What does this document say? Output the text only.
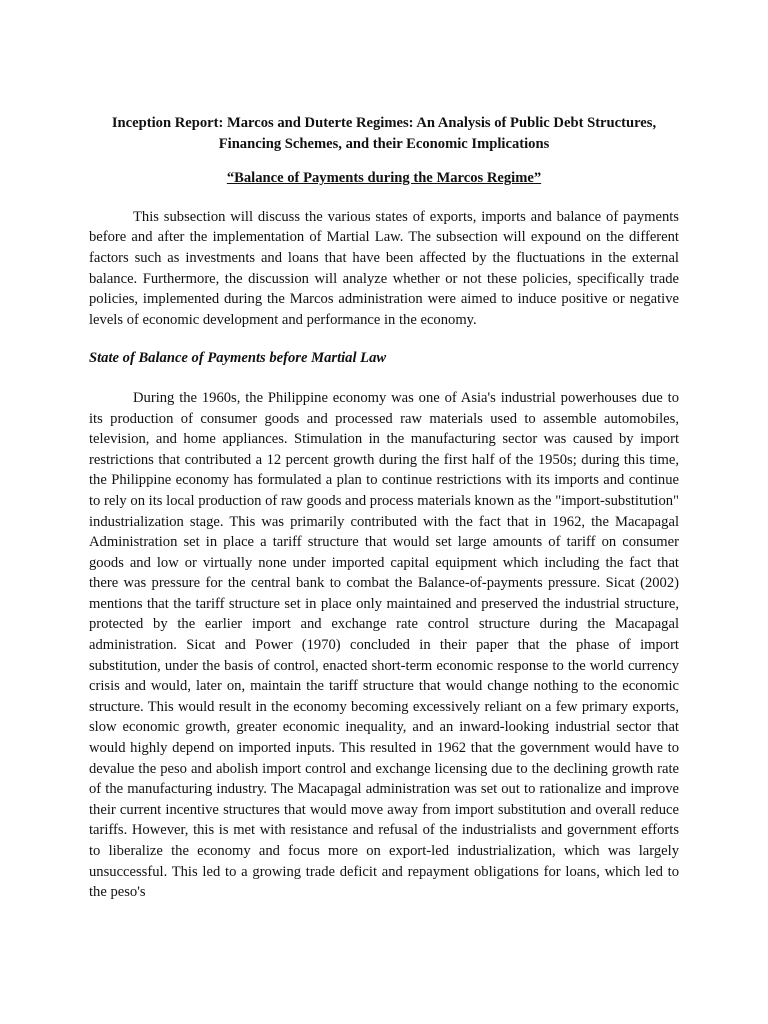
Inception Report: Marcos and Duterte Regimes: An Analysis of Public Debt Structures, Financing Schemes, and their Economic Implications

“Balance of Payments during the Marcos Regime”

This subsection will discuss the various states of exports, imports and balance of payments before and after the implementation of Martial Law. The subsection will expound on the different factors such as investments and loans that have been affected by the fluctuations in the external balance. Furthermore, the discussion will analyze whether or not these policies, specifically trade policies, implemented during the Marcos administration were aimed to induce positive or negative levels of economic development and performance in the economy.

State of Balance of Payments before Martial Law

During the 1960s, the Philippine economy was one of Asia's industrial powerhouses due to its production of consumer goods and processed raw materials used to assemble automobiles, television, and home appliances. Stimulation in the manufacturing sector was caused by import restrictions that contributed a 12 percent growth during the first half of the 1950s; during this time, the Philippine economy has formulated a plan to continue restrictions with its imports and continue to rely on its local production of raw goods and process materials known as the "import-substitution" industrialization stage. This was primarily contributed with the fact that in 1962, the Macapagal Administration set in place a tariff structure that would set large amounts of tariff on consumer goods and low or virtually none under imported capital equipment which including the fact that there was pressure for the central bank to combat the Balance-of-payments pressure. Sicat (2002) mentions that the tariff structure set in place only maintained and preserved the industrial structure, protected by the earlier import and exchange rate control structure during the Macapagal administration. Sicat and Power (1970) concluded in their paper that the phase of import substitution, under the basis of control, enacted short-term economic response to the world currency crisis and would, later on, maintain the tariff structure that would change nothing to the economic structure. This would result in the economy becoming excessively reliant on a few primary exports, slow economic growth, greater economic inequality, and an inward-looking industrial sector that would highly depend on imported inputs. This resulted in 1962 that the government would have to devalue the peso and abolish import control and exchange licensing due to the declining growth rate of the manufacturing industry. The Macapagal administration was set out to rationalize and improve their current incentive structures that would move away from import substitution and overall reduce tariffs. However, this is met with resistance and refusal of the industrialists and government efforts to liberalize the economy and focus more on export-led industrialization, which was largely unsuccessful. This led to a growing trade deficit and repayment obligations for loans, which led to the peso's
